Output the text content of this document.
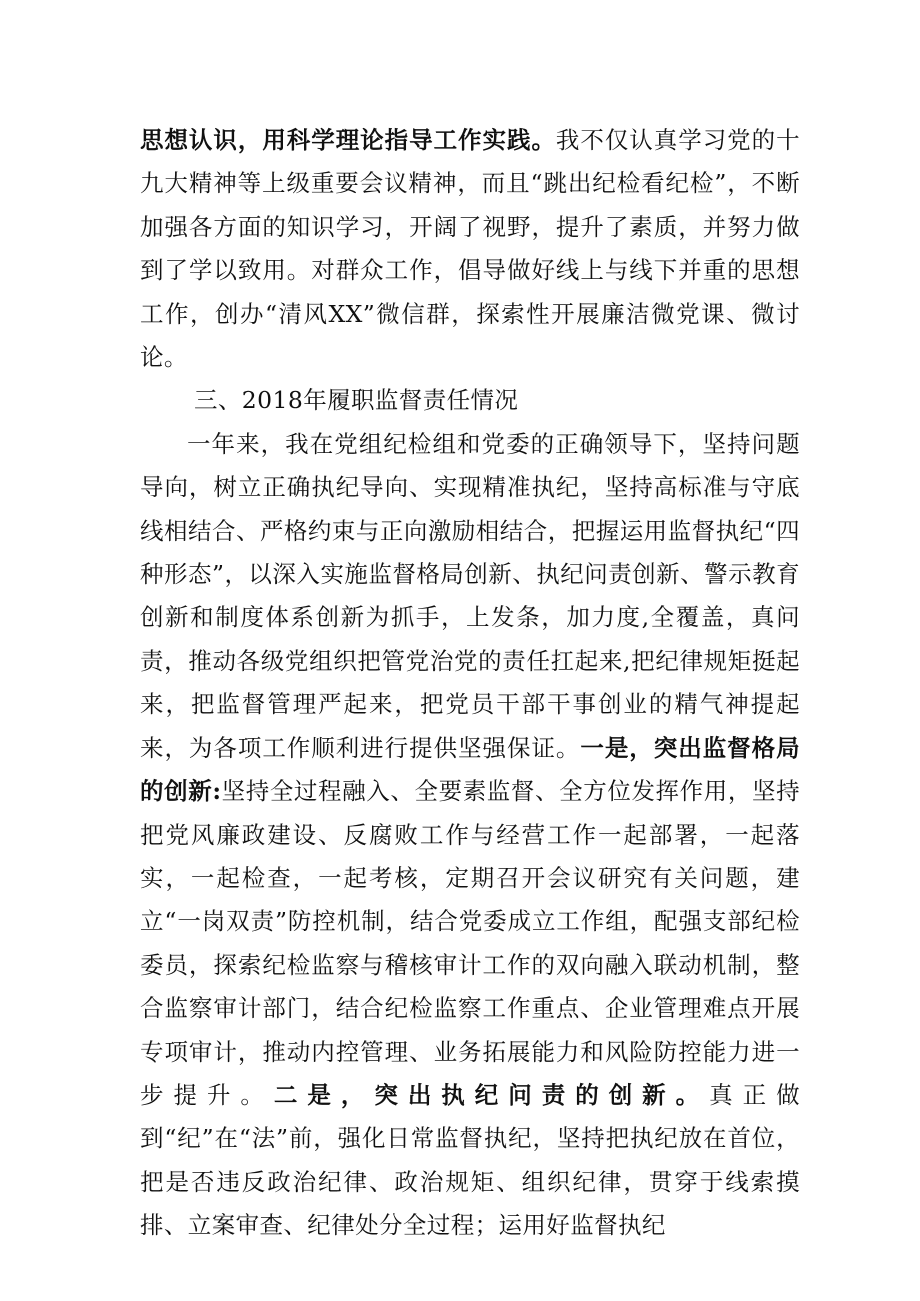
思想认识，用科学理论指导工作实践。我不仅认真学习党的十九大精神等上级重要会议精神，而且“跳出纪检看纪检”，不断加强各方面的知识学习，开阔了视野，提升了素质，并努力做到了学以致用。对群众工作，倡导做好线上与线下并重的思想工作，创办“清风XX”微信群，探索性开展廉洁微党课、微讨论。

三、2018年履职监督责任情况

一年来，我在党组纪检组和党委的正确领导下，坚持问题导向，树立正确执纪导向、实现精准执纪，坚持高标准与守底线相结合、严格约束与正向激励相结合，把握运用监督执纪“四种形态”，以深入实施监督格局创新、执纪问责创新、警示教育创新和制度体系创新为抓手，上发条，加力度,全覆盖，真问责，推动各级党组织把管党治党的责任扛起来,把纪律规矩挺起来，把监督管理严起来，把党员干部干事创业的精气神提起来，为各项工作顺利进行提供坚强保证。一是，突出监督格局的创新:坚持全过程融入、全要素监督、全方位发挥作用，坚持把党风廉政建设、反腐败工作与经营工作一起部署，一起落实，一起检查，一起考核，定期召开会议研究有关问题，建立“一岗双责”防控机制，结合党委成立工作组，配强支部纪检委员，探索纪检监察与稽核审计工作的双向融入联动机制，整合监察审计部门，结合纪检监察工作重点、企业管理难点开展专项审计，推动内控管理、业务拓展能力和风险防控能力进一步提升。二是，突出执纪问责的创新。真正做到“纪”在“法”前，强化日常监督执纪，坚持把执纪放在首位，把是否违反政治纪律、政治规矩、组织纪律，贯穿于线索摸排、立案审查、纪律处分全过程；运用好监督执纪
